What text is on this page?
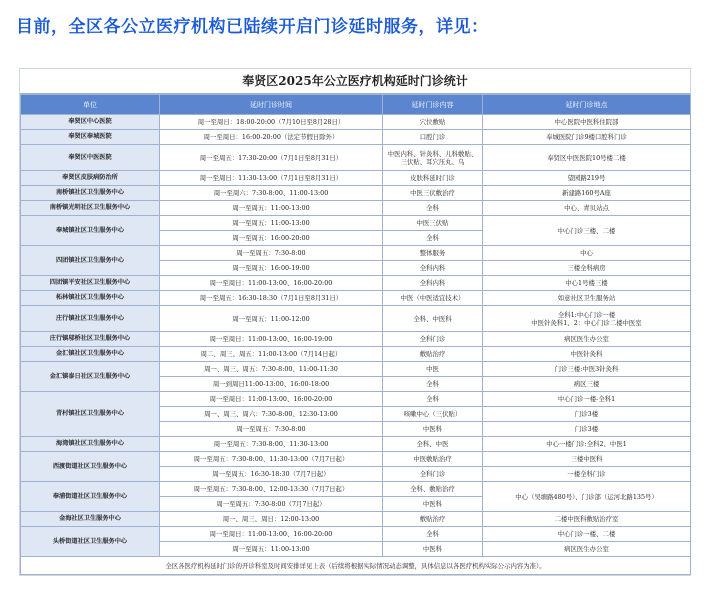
目前，全区各公立医疗机构已陆续开启门诊延时服务，详见：
奉贤区2025年公立医疗机构延时门诊统计
单位	延时门诊时间	延时门诊内容	延时门诊地点
奉贤区中心医院	周一至周日：18:00-20:00（7月10日至8月28日）	穴位敷贴	中心医院中医科住院部
奉贤区奉城医院	周一至周日：16:00-20:00（法定节假日除外）	口腔门诊	奉城医院门诊9楼口腔科门诊
奉贤区中医医院	周一至周五：17:30-20:00（7月1日至8月31日）	中医内科、针灸科、儿科敷贴、三伏贴、耳穴压丸、乌	奉贤区中医医院10号楼二楼
奉贤区皮肤病防治所	周一至周日：11:30-13:00（7月1日至8月31日）	皮肤科延时门诊	望园路219号
南桥镇社区卫生服务中心	周一至周六：7:30-8:00、11:00-13:00	中医三伏敷治疗	新建路160号A座
南桥镇光明社区卫生服务中心	周一至周五：11:00-13:00	全科	中心、青贝站点
奉城镇社区卫生服务中心	周一至周五：11:00-13:00	中医三伏贴	中心门诊三楼、二楼
	周一至周五：16:00-20:00	全科	
四团镇社区卫生服务中心	周一至周五：7:30-8:00	整体服务	中心
	周一至周五：16:00-19:00	全科内科	三楼全科病房
四团镇平安社区卫生服务中心	周一至周日：11:00-13:00、16:00-20:00	全科内科	中心1号楼三楼
柘林镇社区卫生服务中心	周一至周五：16:30-18:30（7月1日至8月31日）	中医（中医适宜技术）	如意社区卫生服务站
庄行镇社区卫生服务中心	周一至周五：11:00-12:00	全科、中医科	全科1:中心门诊一楼
中医针灸科1、2：中心门诊二楼中医室

庄行镇邬桥社区卫生服务中心	周一至周日：11:00-13:00、16:00-19:00	全科门诊	病区医生办公室
金汇镇社区卫生服务中心	周二、周三、周五：11:00-13:00（7月14日起）	敷贴治疗	中医针灸科
金汇镇泰日社区卫生服务中心	周一、周三、周五：7:30-8:00、11:00-11:30	中医	门诊三楼:中医3针灸科
	周一到周日11:00-13:00、16:00-18:00	全科	病区三楼
青村镇社区卫生服务中心	周一至周日：11:00-13:00、16:00-20:00	全科	中心门诊一楼-全科1
	周一、周三、周六：7:30-8:00、12:30-13:00	咳嗽中心（三伏贴）	门诊3楼
	周一至周五：7:30-8:00	中医科	门诊3楼
海湾镇社区卫生服务中心	周一至周五：7:30-8:00、11:30-13:00	全科、中医	中心一楼门诊:全科2、中医1
西渡街道社区卫生服务中心	周一至周五：7:30-8:00、11:30-13:00（7月7日起）	中医敷贴治疗	三楼中医科
	周一至周五：16:30-18:30（7月7日起）	全科门诊	一楼全科门诊
奉浦街道社区卫生服务中心	周一至周五：7:30-8:00、12:00-13:30（7月7日起）	全科、敷贴治疗	中心（吴塘路480号）、门诊部（运河北路135号）
	周一至周五：7:30-8:00（7月7日起）	中医科	
金海社区卫生服务中心	周一、周三、周日：12:00-13:00	敷贴治疗	二楼中医科敷贴治疗室
头桥街道社区卫生服务中心	周一至周日：11:00-13:00、16:00-20:00	全科	中心门诊一楼、二楼
	周一至周五：11:00-13:00	中医科	病区医生办公室
全区各医疗机构延时门诊的开诊科室及时间安排详见上表（后续将根据实际情况动态调整，具体信息以各医疗机构实际公示内容为准）。			
